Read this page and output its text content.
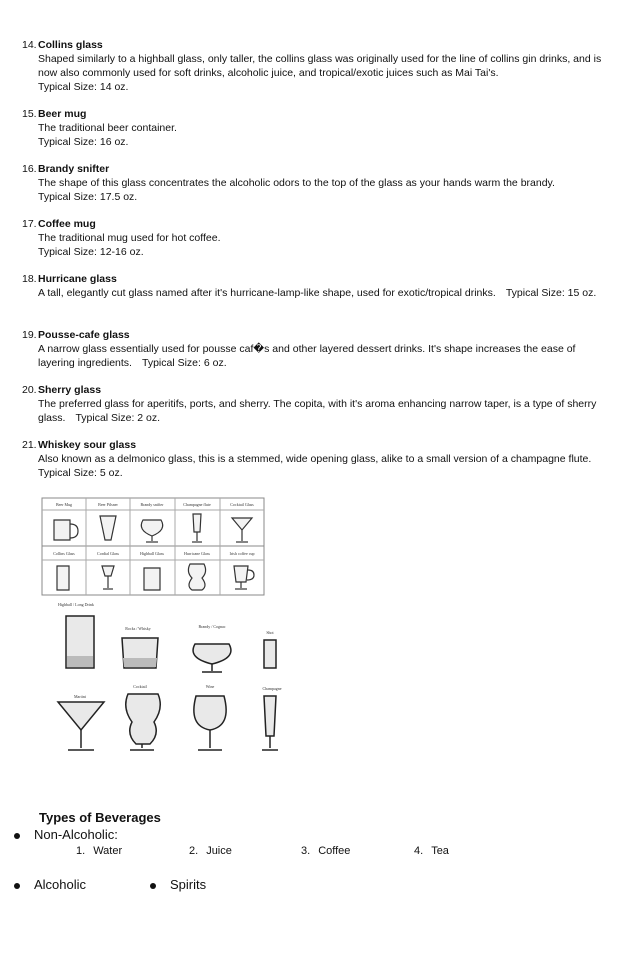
14. Collins glass
Shaped similarly to a highball glass, only taller, the collins glass was originally used for the line of collins gin drinks, and is now also commonly used for soft drinks, alcoholic juice, and tropical/exotic juices such as Mai Tai's.
Typical Size: 14 oz.
15. Beer mug
The traditional beer container.
Typical Size: 16 oz.
16. Brandy snifter
The shape of this glass concentrates the alcoholic odors to the top of the glass as your hands warm the brandy.
Typical Size: 17.5 oz.
17. Coffee mug
The traditional mug used for hot coffee.
Typical Size: 12-16 oz.
18. Hurricane glass
A tall, elegantly cut glass named after it's hurricane-lamp-like shape, used for exotic/tropical drinks. Typical Size: 15 oz.
19. Pousse-cafe glass
A narrow glass essentially used for pousse caf�s and other layered dessert drinks. It's shape increases the ease of layering ingredients. Typical Size: 6 oz.
20. Sherry glass
The preferred glass for aperitifs, ports, and sherry. The copita, with it's aroma enhancing narrow taper, is a type of sherry glass. Typical Size: 2 oz.
21. Whiskey sour glass
Also known as a delmonico glass, this is a stemmed, wide opening glass, alike to a small version of a champagne flute.
Typical Size: 5 oz.
Beer Mug	Beer Pilsner	Brandy snifter	Champagne flute	Cocktail Glass
Collins Glass	Cordial Glass	Highball Glass	Hurricane Glass	Irish coffee cup
Highball / Long Drink
Rocks / Whisky	Brandy / Cognac
Shot
Martini
Cocktail	Wine	Champagne
Types of Beverages
Non-Alcoholic:
1. Water	2. Juice	3. Coffee	4. Tea
Alcoholic	Spirits
